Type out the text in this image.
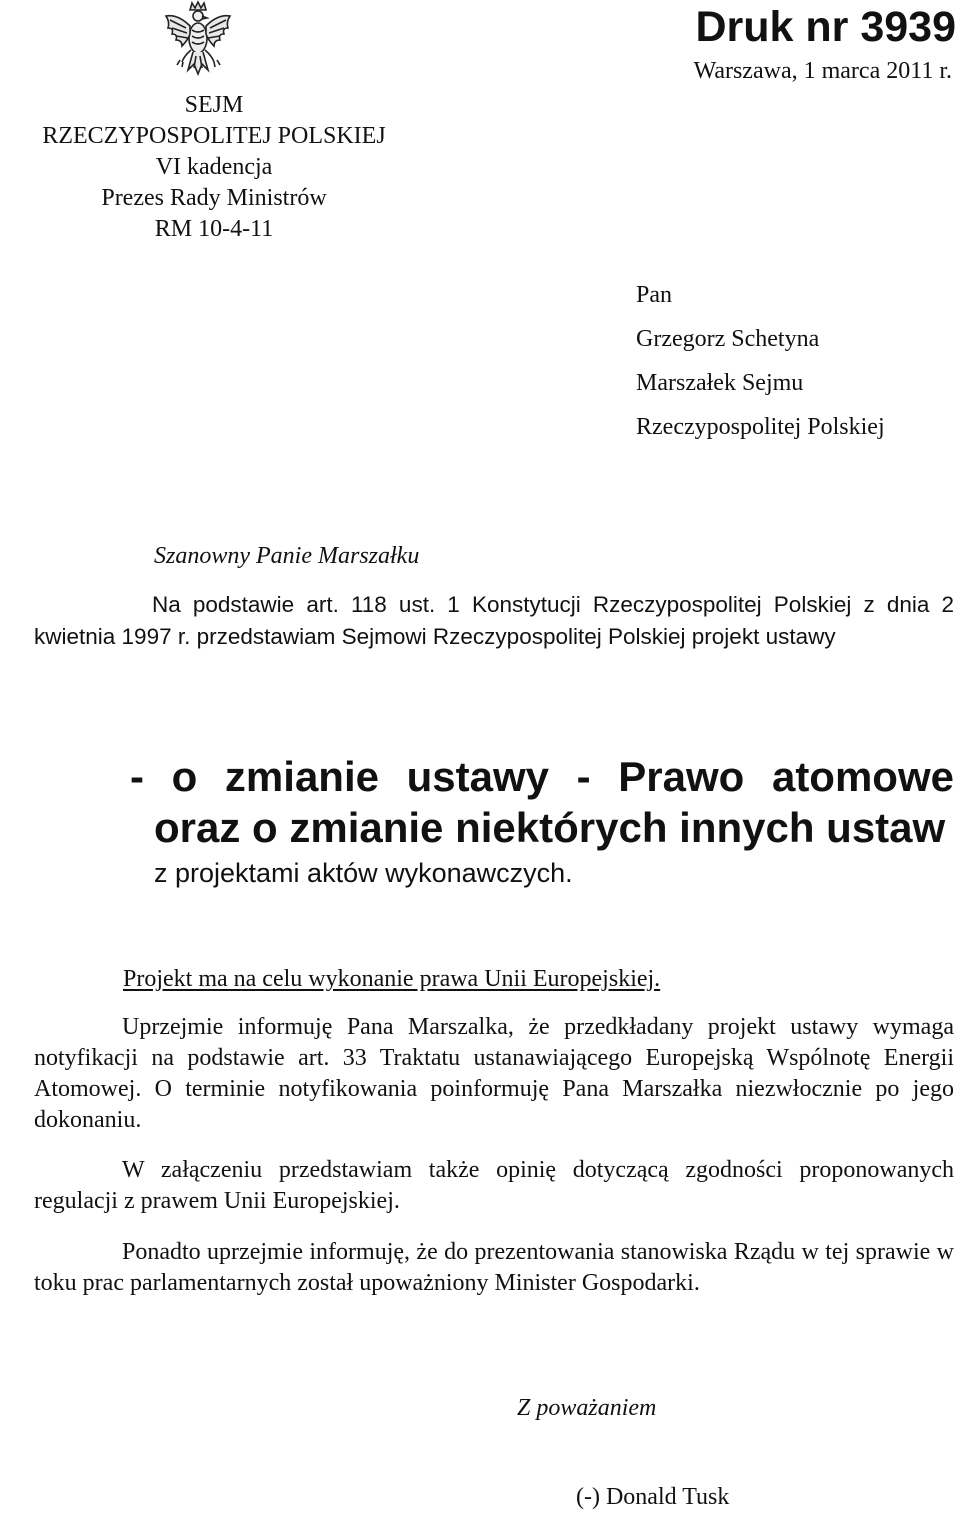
SEJM
RZECZYPOSPOLITEJ POLSKIEJ
VI kadencja
Prezes Rady Ministrów
RM 10-4-11
Druk nr 3939
Warszawa, 1 marca 2011 r.
Pan
Grzegorz Schetyna
Marszałek Sejmu
Rzeczypospolitej Polskiej
Szanowny Panie Marszałku
Na podstawie art. 118 ust. 1 Konstytucji Rzeczypospolitej Polskiej z dnia 2 kwietnia 1997 r. przedstawiam Sejmowi Rzeczypospolitej Polskiej projekt ustawy
- o zmianie ustawy - Prawo atomowe
oraz o zmianie niektórych innych ustaw
z projektami aktów wykonawczych.
Projekt ma na celu wykonanie prawa Unii Europejskiej.
Uprzejmie informuję Pana Marszalka, że przedkładany projekt ustawy wymaga notyfikacji na podstawie art. 33 Traktatu ustanawiającego Europejską Wspólnotę Energii Atomowej. O terminie notyfikowania poinformuję Pana Marszałka niezwłocznie po jego dokonaniu.
W załączeniu przedstawiam także opinię dotyczącą zgodności proponowanych regulacji z prawem Unii Europejskiej.
Ponadto uprzejmie informuję, że do prezentowania stanowiska Rządu w tej sprawie w toku prac parlamentarnych został upoważniony Minister Gospodarki.
Z poważaniem
(-) Donald Tusk
